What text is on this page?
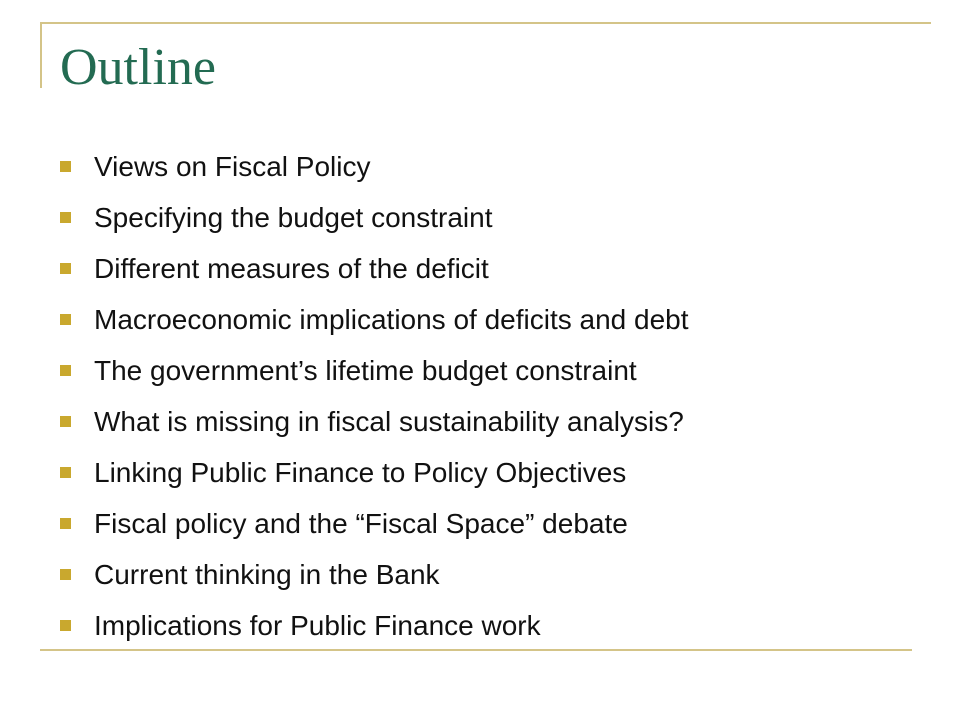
Outline
Views on Fiscal Policy
Specifying the budget constraint
Different measures of the deficit
Macroeconomic implications of deficits and debt
The government’s lifetime budget constraint
What is missing in fiscal sustainability analysis?
Linking Public Finance to Policy Objectives
Fiscal policy and the “Fiscal Space” debate
Current thinking in the Bank
Implications for Public Finance work
